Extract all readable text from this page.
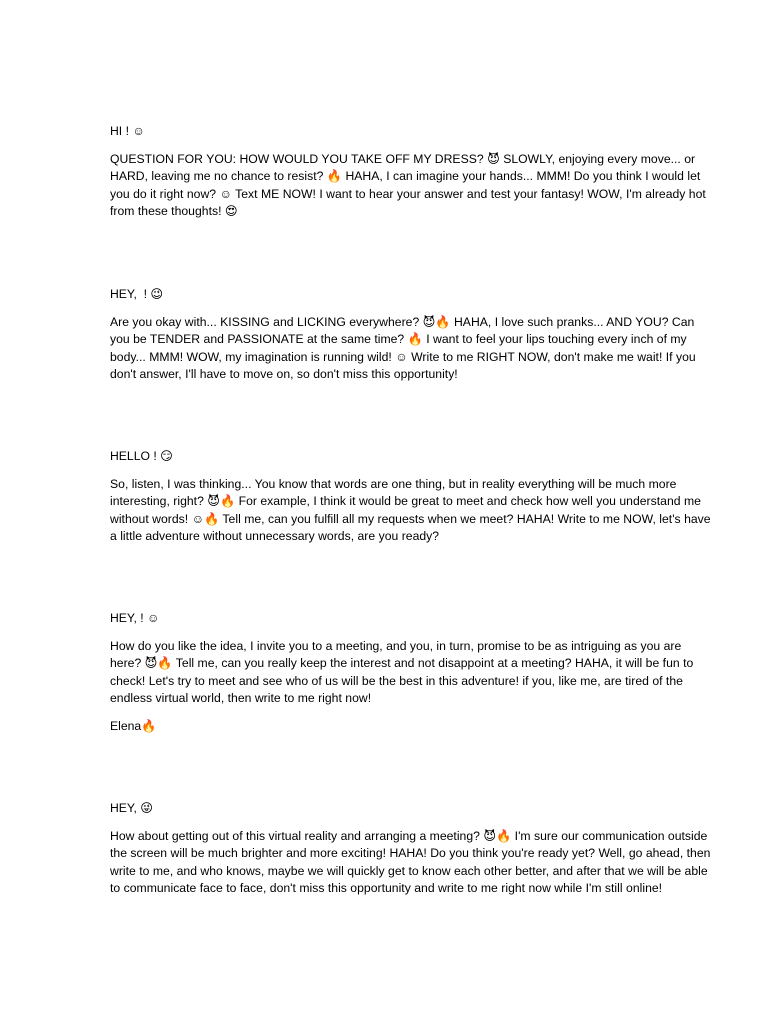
HI ! ☺

QUESTION FOR YOU: HOW WOULD YOU TAKE OFF MY DRESS? 😈 SLOWLY, enjoying every move... or HARD, leaving me no chance to resist? 🔥 HAHA, I can imagine your hands... MMM! Do you think I would let you do it right now? ☺ Text ME NOW! I want to hear your answer and test your fantasy! WOW, I'm already hot from these thoughts! 😍

HEY,  ! 😉

Are you okay with... KISSING and LICKING everywhere? 😈🔥 HAHA, I love such pranks... AND YOU? Can you be TENDER and PASSIONATE at the same time? 🔥 I want to feel your lips touching every inch of my body... MMM! WOW, my imagination is running wild! ☺ Write to me RIGHT NOW, don't make me wait! If you don't answer, I'll have to move on, so don't miss this opportunity!

HELLO ! 😏

So, listen, I was thinking... You know that words are one thing, but in reality everything will be much more interesting, right? 😈🔥 For example, I think it would be great to meet and check how well you understand me without words! ☺🔥 Tell me, can you fulfill all my requests when we meet? HAHA! Write to me NOW, let's have a little adventure without unnecessary words, are you ready?

HEY, ! ☺

How do you like the idea, I invite you to a meeting, and you, in turn, promise to be as intriguing as you are here? 😈🔥 Tell me, can you really keep the interest and not disappoint at a meeting? HAHA, it will be fun to check! Let's try to meet and see who of us will be the best in this adventure! if you, like me, are tired of the endless virtual world, then write to me right now!

Elena🔥

HEY, 😜

How about getting out of this virtual reality and arranging a meeting? 😈🔥 I'm sure our communication outside the screen will be much brighter and more exciting! HAHA! Do you think you're ready yet? Well, go ahead, then write to me, and who knows, maybe we will quickly get to know each other better, and after that we will be able to communicate face to face, don't miss this opportunity and write to me right now while I'm still online!
